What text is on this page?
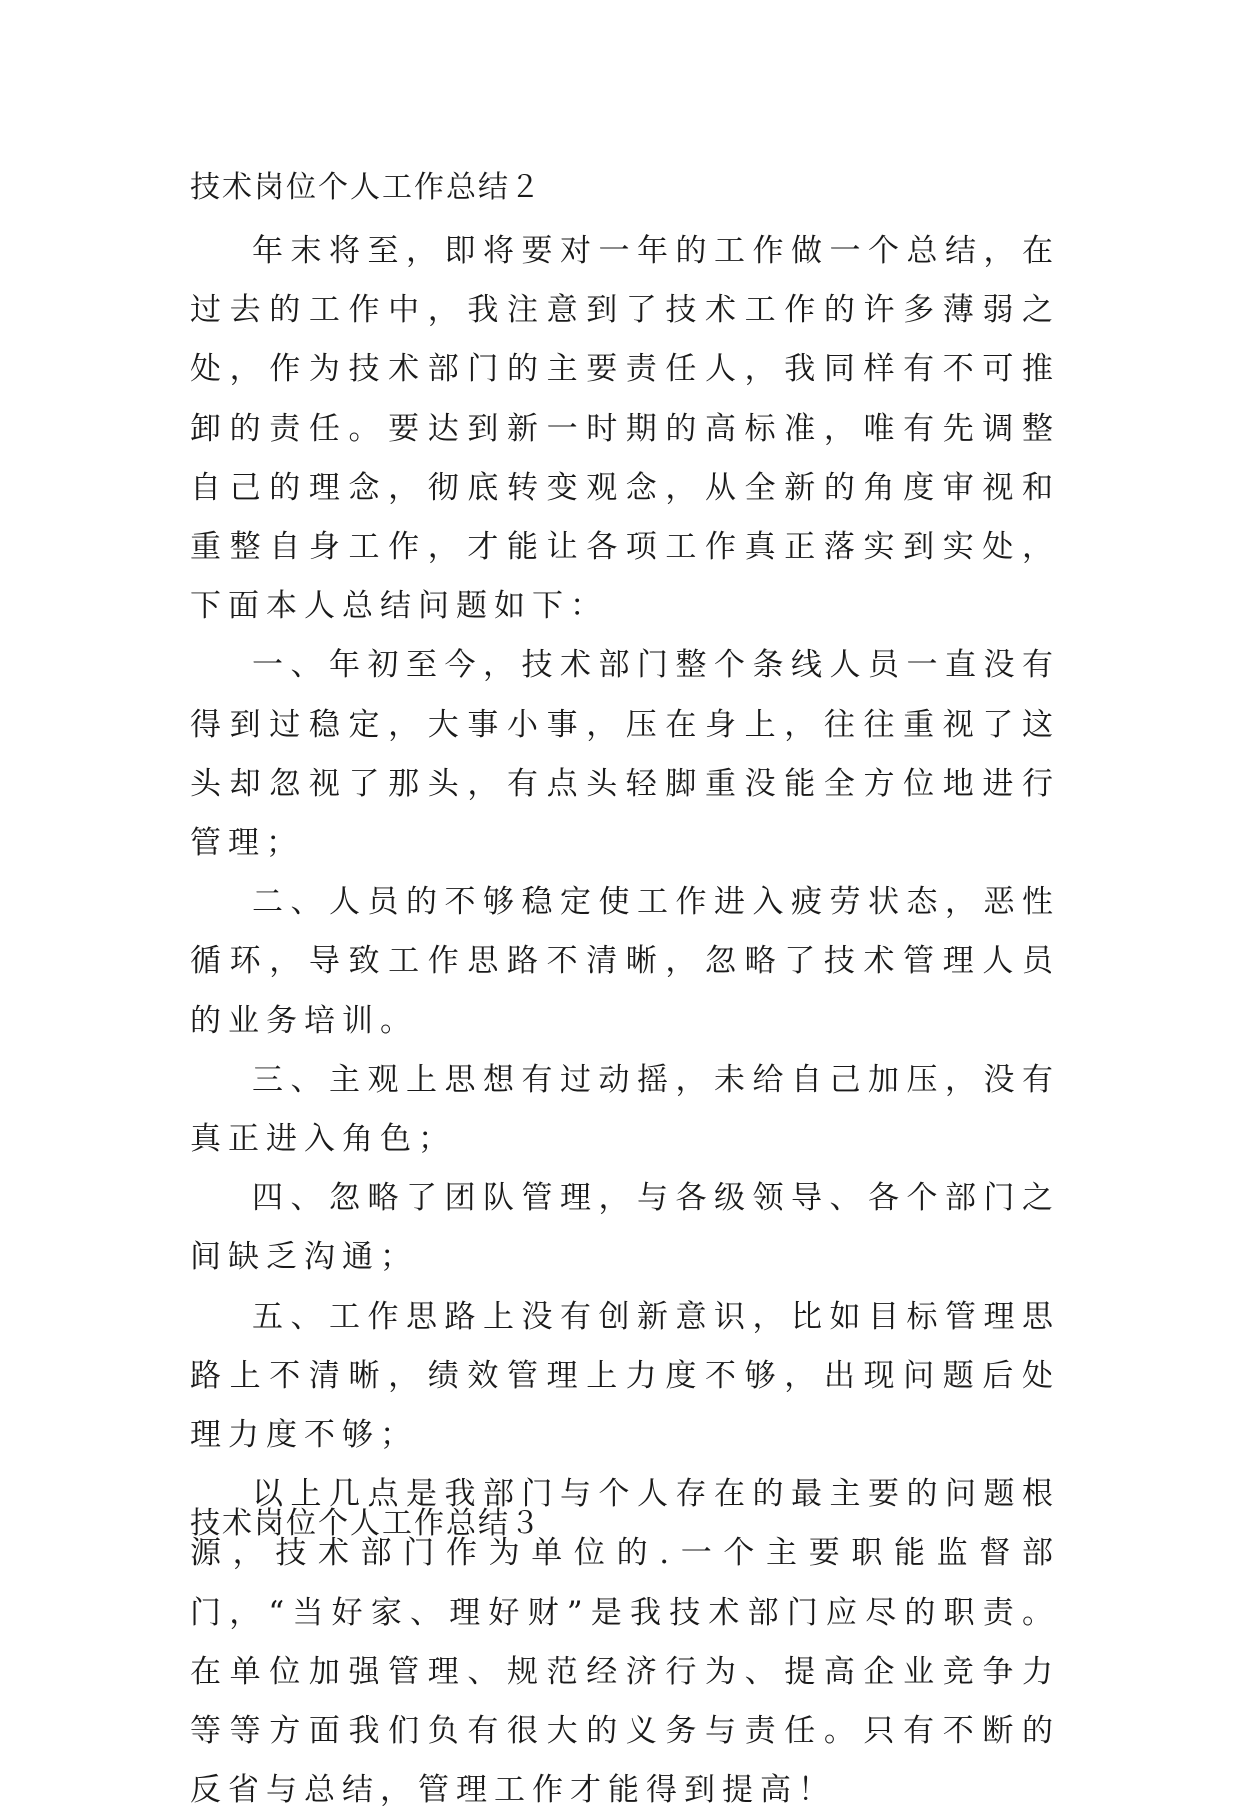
技术岗位个人工作总结２

年末将至，即将要对一年的工作做一个总结，在过去的工作中，我注意到了技术工作的许多薄弱之处，作为技术部门的主要责任人，我同样有不可推卸的责任。要达到新一时期的高标准，唯有先调整自己的理念，彻底转变观念，从全新的角度审视和重整自身工作，才能让各项工作真正落实到实处，下面本人总结问题如下：

一、年初至今，技术部门整个条线人员一直没有得到过稳定，大事小事，压在身上，往往重视了这头却忽视了那头，有点头轻脚重没能全方位地进行管理；

二、人员的不够稳定使工作进入疲劳状态，恶性循环，导致工作思路不清晰，忽略了技术管理人员的业务培训。

三、主观上思想有过动摇，未给自己加压，没有真正进入角色；

四、忽略了团队管理，与各级领导、各个部门之间缺乏沟通；

五、工作思路上没有创新意识，比如目标管理思路上不清晰，绩效管理上力度不够，出现问题后处理力度不够；

以上几点是我部门与个人存在的最主要的问题根源，技术部门作为单位的.一个主要职能监督部门，“当好家、理好财”是我技术部门应尽的职责。在单位加强管理、规范经济行为、提高企业竞争力等等方面我们负有很大的义务与责任。只有不断的反省与总结，管理工作才能得到提高！

技术岗位个人工作总结３
